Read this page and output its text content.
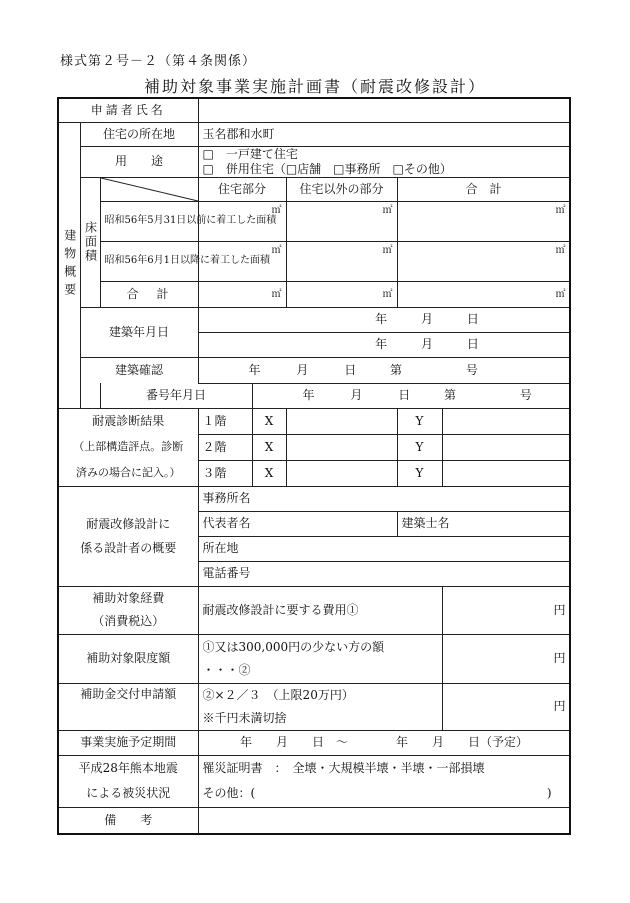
様式第２号－２（第４条関係）
補助対象事業実施計画書（耐震改修設計）
申請者氏名							
建物概要	住宅の所在地		玉名郡和水町				
	用　　途		□　一戸建て住宅
□　併用住宅（□店舗　□事務所　□その他）				

	床面積		住宅部分		住宅以外の部分	合　計	
		昭和56年5月31日以前に着工した面積	㎡		㎡	㎡	
		昭和56年6月1日以降に着工した面積	㎡		㎡	㎡	
		合　計	㎡		㎡	㎡	
	建築年月日		年 月 日				
			年 月 日				
	建築確認		年 月 日 第 号				
		番号年月日		年 月 日 第 号			
耐震診断結果			１階	X		Y	
（上部構造評点。診断			２階	X		Y	
済みの場合に記入。）			３階	X		Y	

耐震改修設計に
係る設計者の概要			事務所名				
			代表者名			建築士名	
			所在地				
			電話番号				

補助対象経費
（消費税込）			耐震改修設計に要する費用①				円
補助対象限度額			①又は300,000円の少ない方の額
・・・②				円
補助金交付申請額			②×２／３　（上限20万円）
※千円未満切捨				円
事業実施予定期間			年　　月　　日　～　　　　年　　月　　日（予定）				
平成28年熊本地震			罹災証明書　：　全壊・大規模半壊・半壊・一部損壊				
による被災状況			その他：( )				

備　　考							
